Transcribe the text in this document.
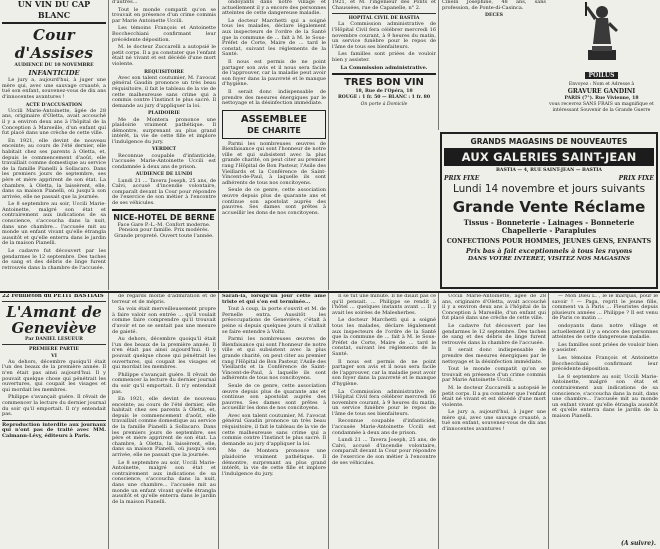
UN VIN DU CAP
BLANC
Cour d'Assises
AUDIENCE DU 10 NOVEMBRE
INFANTICIDE

Le jury a, aujourd'hui, à juger une mère qui, avec une sauvage cruauté, a tué son enfant, souvenez-vous de dix ans d'innocentes avantures !

ACTE D'ACCUSATION

Uccili Marie-Antoinette, âgée de 28 ans, originaire d'Oletta, avait accouché il y a environ deux ans à l'hôpital de la Conception à Marseille, d'un enfant qui fut placé dans une crèche de cette ville.

En 1921, elle devint de nouveau enceinte; au cours de l'été dernier, elle habitait chez ses parents à Oletta, et, depuis le commencement d'août, elle travaillait comme domestique au service de la famille Pianelli à Sollacaro. Dans les premiers jours de septembre, ses père et mère apprirent de son état. La chambre, à Oletta, la laissèrent, elle, dans sa maison Pianelli, où jusqu'à son arrivée, elle ne passait que la journée.

Le 8 septembre au soir, Uccili Marie-Antoinette, malgré son état et contrairement aux indications de sa conscience, s'accoucha dans la nuit, dans une chambre... l'accusée mit au monde un enfant vivant qu'elle étrangla aussitôt et qu'elle enterra dans le jardin de la maison Pianelli.

Le cadavre fut découvert par les gendarmes le 12 septembre. Des taches de sang et des débris de linge furent retrouvés dans la chambre de l'accusée.

d'autres...

Tout le monde compatit qu'on se trouvait en présence d'un crime commis par Marie Antoinette Uccili.

Les témoins François et Antoinette Bocchecchiani confirmant leur précédente déposition.

M. le docteur Zuccarelli a autopsié le petit corps. Il a pu constater que l'enfant était né vivant et est décédé d'une mort violente.

REQUISITOIRE

Avec son talent coutumier, M. l'avocat général Gaudin prononce un très beau réquisitoire, il fait le tableau de la vie de cette malheureuse sans crime qui a commis contre l'instinct le plus sacré. Il demande au jury d'appliquer la loi.

PLAIDOIRIE

Me de Montera prononce une plaidoirie vraiment pathétique. Il démontre, surprenant au plus grand intérêt, la vie de cette fille et implore l'indulgence du jury.

VERDICT

Reconnue coupable d'infanticide, l'accusée Marie-Antoinette Uccili est condamnée à deux ans de prison.

AUDIENCE DE LUNDI

Lundi 21 ... Tavera Joseph, 25 ans, de Calvi, accusé d'incendie volontaire, comparaît devant la Cour pour répondre de l'exercice de son métier à l'encontre de ses véhicules.

NICE-HOTEL DE BERNE

Face Gare P.-L.-M. Confort moderne. Pension pour famille. Prix modérés. Grande propreté. Ouvert toute l'année.

ondoyants dans notre village et actuellement il y a encore des personnes atteintes de cette dangereuse maladie.

Le docteur Marchetti qui a soigné tous les malades, déclare légalement aux inspecteurs de l'ordre de la Santé que la commune de ... fait à M. le Sous-Préfet de Corte, Maire de ... tard le constat, suivant les réglements de la Santé.

Il nous est permis de ne point partager son avis et il nous sera facile de l'approuver, car la maladie peut avoir son foyer dans la pauvreté et le manque d'hygiène.

Il serait donc indispensable de prendre des mesures énergiques par le nettoyage et la désinfection immédiate.

ASSEMBLEE
DE CHARITE

Parmi les nombreuses œuvres de Bienfaisance qui sont l'honneur de notre ville et qui subsistent avec la plus grande charité, on peut citer au premier rang l'Hôpital de Bon Pasteur, l'Asile des Vieillards et la Conférence de Saint-Vincent-de-Paul, à laquelle ils sont adhérents de tous nos concitoyens.

Seule de ce genre, cette association œuvre depuis plus de quarante ans et continue son apostolat auprès des pauvres. Ses dames sont prêtes à accueillir les dons de nos concitoyens.

1921, et M. l'ingénieur des Ponts et Chaussées, rue de Capanelle, n° 2.

HOPITAL CIVIL DE BASTIA

La Commission administrative de l'Hôpital Civil fera célébrer mercredi 16 novembre courant, à 9 heures du matin, un service funèbre pour le repos de l'âme de tous ses bienfaiteurs.

Les familles sont priées de vouloir bien y assister.

La Commission administrative.

TRES BON VIN
18, Rue de l'Opéra, 18
ROUGE : 1 fr. 50 — BLANC : 1 fr. 80
On porte à Domicile

Cinelli Joséphine, 48 ans, sans profession, de Ponte-di-Casinca.

DECES
POILUS

Envoyez : Nom et Adresse à

GRAVURE GANDINI
PARIS (7°). Rue Vivienne, 18

vous recevrez SANS FRAIS un magnifique et intéressant Souvenir de la Grande Guerre

GRANDS MAGASINS DE NOUVEAUTES
AUX GALERIES SAINT-JEAN
BASTIA — 4, RUE SAINT-JEAN — BASTIA
PRIX FIXE	PRIX FIXE
Lundi 14 novembre et jours suivants
Grande Vente Réclame
Tissus - Bonneterie - Lainages - Bonneterie Chapellerie - Parapluies
CONFECTIONS POUR HOMMES, JEUNES GENS, ENFANTS
Prix bas à fait exceptionnels à tous les rayons
DANS VOTRE INTERET, VISITEZ NOS MAGASINS
22 Feuilleton du PETIT BASTIAIS
L'Amant de Geneviève
Par DANIEL LESUEUR
PREMIERE PARTIE
VI

Au dehors, décembre quoiqu'il était l'un des beaux de la première année. Il n'en était pas ainsi aujourd'hui. Il y pouvait quelque chose qui pénétrait les ouvertures, qui coupait les visages et qui mordait les membres.

Philippe s'avançait guère. Il rêvait de commencer la lecture du dernier journal du soir qu'il emportait. Il n'y entendait pas.

Reproduction interdite aux journaux qui n'ont pas de traité avec MM. Calmann-Lévy, éditeurs à Paris.

de regards moitié d'admiration et de terreur et de mépris.

Sa voix était merveilleusement propre à faire valoir son entrée ... qu'il voulait comme faire comprendre qu'il trouvait d'avoir et ne se sentait pas une mesure de gaieté.

Au dehors, décembre quoiqu'il était l'un des beaux de la première année. Il n'en était pas ainsi aujourd'hui. Il y pouvait quelque chose qui pénétrait les ouvertures, qui coupait les visages et qui mordait les membres.

Philippe s'avançait guère. Il rêvait de commencer la lecture du dernier journal du soir qu'il emportait. Il n'y entendait pas.

En 1921, elle devint de nouveau enceinte; au cours de l'été dernier, elle habitait chez ses parents à Oletta, et, depuis le commencement d'août, elle travaillait comme domestique au service de la famille Pianelli à Sollacaro. Dans les premiers jours de septembre, ses père et mère apprirent de son état. La chambre, à Oletta, la laissèrent, elle, dans sa maison Pianelli, où jusqu'à son arrivée, elle ne passait que la journée.

Le 8 septembre au soir, Uccili Marie-Antoinette, malgré son état et contrairement aux indications de sa conscience, s'accoucha dans la nuit, dans une chambre... l'accusée mit au monde un enfant vivant qu'elle étrangla aussitôt et qu'elle enterra dans le jardin de la maison Pianelli.

Sarah-la, lorsqu'un jour cette âme triste et qui s'en est terminée...

Tout à coup, la porte s'ouvrit et M. de Pernelle entra. Aussitôt les préoccupations de Geneviève, c'était à peine si depuis quelques jours il n'allait se faire entendre à Voltz.

Parmi les nombreuses œuvres de Bienfaisance qui sont l'honneur de notre ville et qui subsistent avec la plus grande charité, on peut citer au premier rang l'Hôpital de Bon Pasteur, l'Asile des Vieillards et la Conférence de Saint-Vincent-de-Paul, à laquelle ils sont adhérents de tous nos concitoyens.

Seule de ce genre, cette association œuvre depuis plus de quarante ans et continue son apostolat auprès des pauvres. Ses dames sont prêtes à accueillir les dons de nos concitoyens.

Avec son talent coutumier, M. l'avocat général Gaudin prononce un très beau réquisitoire, il fait le tableau de la vie de cette malheureuse sans crime qui a commis contre l'instinct le plus sacré. Il demande au jury d'appliquer la loi.

Me de Montera prononce une plaidoirie vraiment pathétique. Il démontre, surprenant au plus grand intérêt, la vie de cette fille et implore l'indulgence du jury.

Il se tut une minute. Il ne disait pas ce qu'il pensait. ... Philippe se rendit à l'hôtel ... quelques instants avant ... Il y avait les soirées de Malesherbes.

Le docteur Marchetti qui a soigné tous les malades, déclare légalement aux inspecteurs de l'ordre de la Santé que la commune de ... fait à M. le Sous-Préfet de Corte, Maire de ... tard le constat, suivant les réglements de la Santé.

Il nous est permis de ne point partager son avis et il nous sera facile de l'approuver, car la maladie peut avoir son foyer dans la pauvreté et le manque d'hygiène.

La Commission administrative de l'Hôpital Civil fera célébrer mercredi 16 novembre courant, à 9 heures du matin, un service funèbre pour le repos de l'âme de tous ses bienfaiteurs.

Reconnue coupable d'infanticide, l'accusée Marie-Antoinette Uccili est condamnée à deux ans de prison.

Lundi 21 ... Tavera Joseph, 25 ans, de Calvi, accusé d'incendie volontaire, comparaît devant la Cour pour répondre de l'exercice de son métier à l'encontre de ses véhicules.

Uccili Marie-Antoinette, âgée de 28 ans, originaire d'Oletta, avait accouché il y a environ deux ans à l'hôpital de la Conception à Marseille, d'un enfant qui fut placé dans une crèche de cette ville.

Le cadavre fut découvert par les gendarmes le 12 septembre. Des taches de sang et des débris de linge furent retrouvés dans la chambre de l'accusée.

Il serait donc indispensable de prendre des mesures énergiques par le nettoyage et la désinfection immédiate.

Tout le monde compatit qu'on se trouvait en présence d'un crime commis par Marie Antoinette Uccili.

M. le docteur Zuccarelli a autopsié le petit corps. Il a pu constater que l'enfant était né vivant et est décédé d'une mort violente.

Le jury a, aujourd'hui, à juger une mère qui, avec une sauvage cruauté, a tué son enfant, souvenez-vous de dix ans d'innocentes avantures !

— Mon Dieu L. , le le marquis, pour le savoir ! — Paga, reprit le jeune fille, comment va à Paris ... Fleuristes depuis plusieurs années ... Philippe ? Il est venu de Paris ce matin ...

ondoyants dans notre village et actuellement il y a encore des personnes atteintes de cette dangereuse maladie.

Les familles sont priées de vouloir bien y assister.

Les témoins François et Antoinette Bocchecchiani confirmant leur précédente déposition.

Le 8 septembre au soir, Uccili Marie-Antoinette, malgré son état et contrairement aux indications de sa conscience, s'accoucha dans la nuit, dans une chambre... l'accusée mit au monde un enfant vivant qu'elle étrangla aussitôt et qu'elle enterra dans le jardin de la maison Pianelli.

(A suivre).
